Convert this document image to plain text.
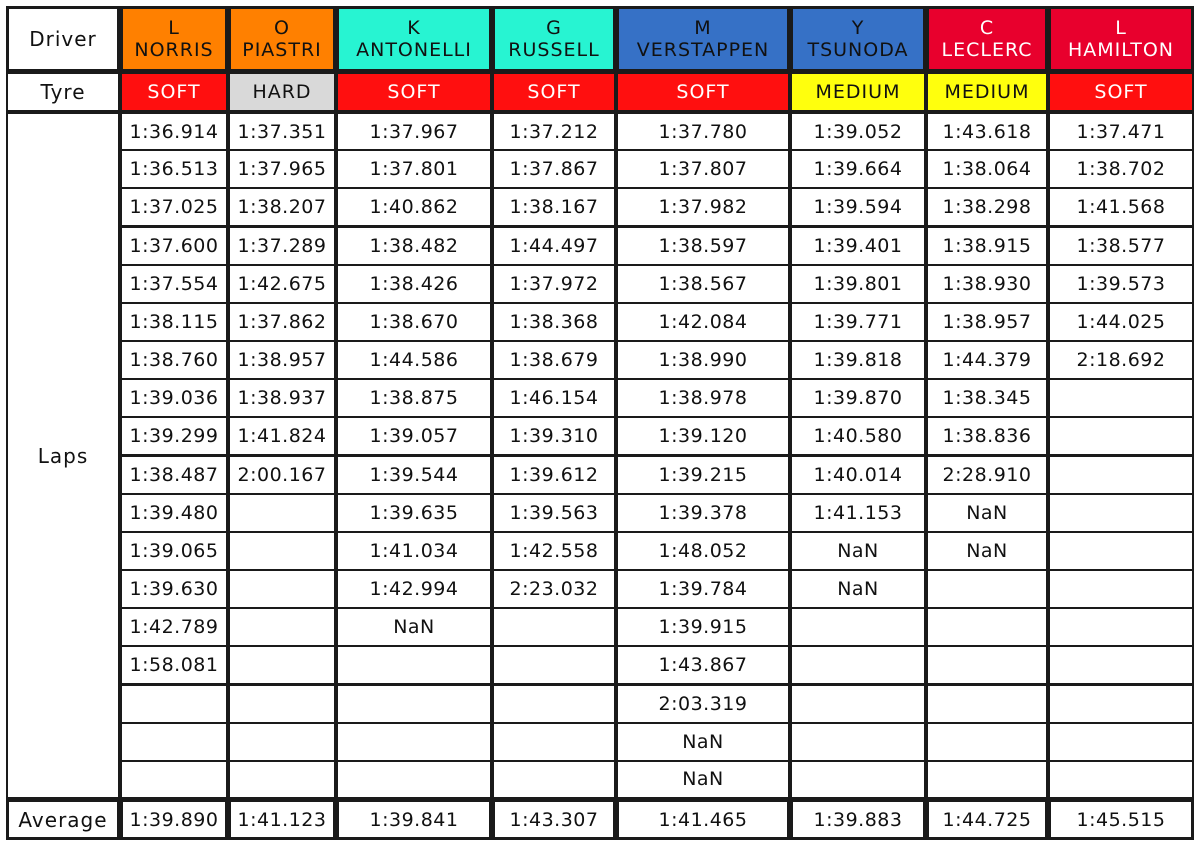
Driver
Tyre
Laps
Average
L
NORRIS
SOFT
1:36.914
1:36.513
1:37.025
1:37.600
1:37.554
1:38.115
1:38.760
1:39.036
1:39.299
1:38.487
1:39.480
1:39.065
1:39.630
1:42.789
1:58.081
1:39.890
O
PIASTRI
HARD
1:37.351
1:37.965
1:38.207
1:37.289
1:42.675
1:37.862
1:38.957
1:38.937
1:41.824
2:00.167
1:41.123
K
ANTONELLI
SOFT
1:37.967
1:37.801
1:40.862
1:38.482
1:38.426
1:38.670
1:44.586
1:38.875
1:39.057
1:39.544
1:39.635
1:41.034
1:42.994
NaN
1:39.841
G
RUSSELL
SOFT
1:37.212
1:37.867
1:38.167
1:44.497
1:37.972
1:38.368
1:38.679
1:46.154
1:39.310
1:39.612
1:39.563
1:42.558
2:23.032
1:43.307
M
VERSTAPPEN
SOFT
1:37.780
1:37.807
1:37.982
1:38.597
1:38.567
1:42.084
1:38.990
1:38.978
1:39.120
1:39.215
1:39.378
1:48.052
1:39.784
1:39.915
1:43.867
2:03.319
NaN
NaN
1:41.465
Y
TSUNODA
MEDIUM
1:39.052
1:39.664
1:39.594
1:39.401
1:39.801
1:39.771
1:39.818
1:39.870
1:40.580
1:40.014
1:41.153
NaN
NaN
1:39.883
C
LECLERC
MEDIUM
1:43.618
1:38.064
1:38.298
1:38.915
1:38.930
1:38.957
1:44.379
1:38.345
1:38.836
2:28.910
NaN
NaN
1:44.725
L
HAMILTON
SOFT
1:37.471
1:38.702
1:41.568
1:38.577
1:39.573
1:44.025
2:18.692
1:45.515
